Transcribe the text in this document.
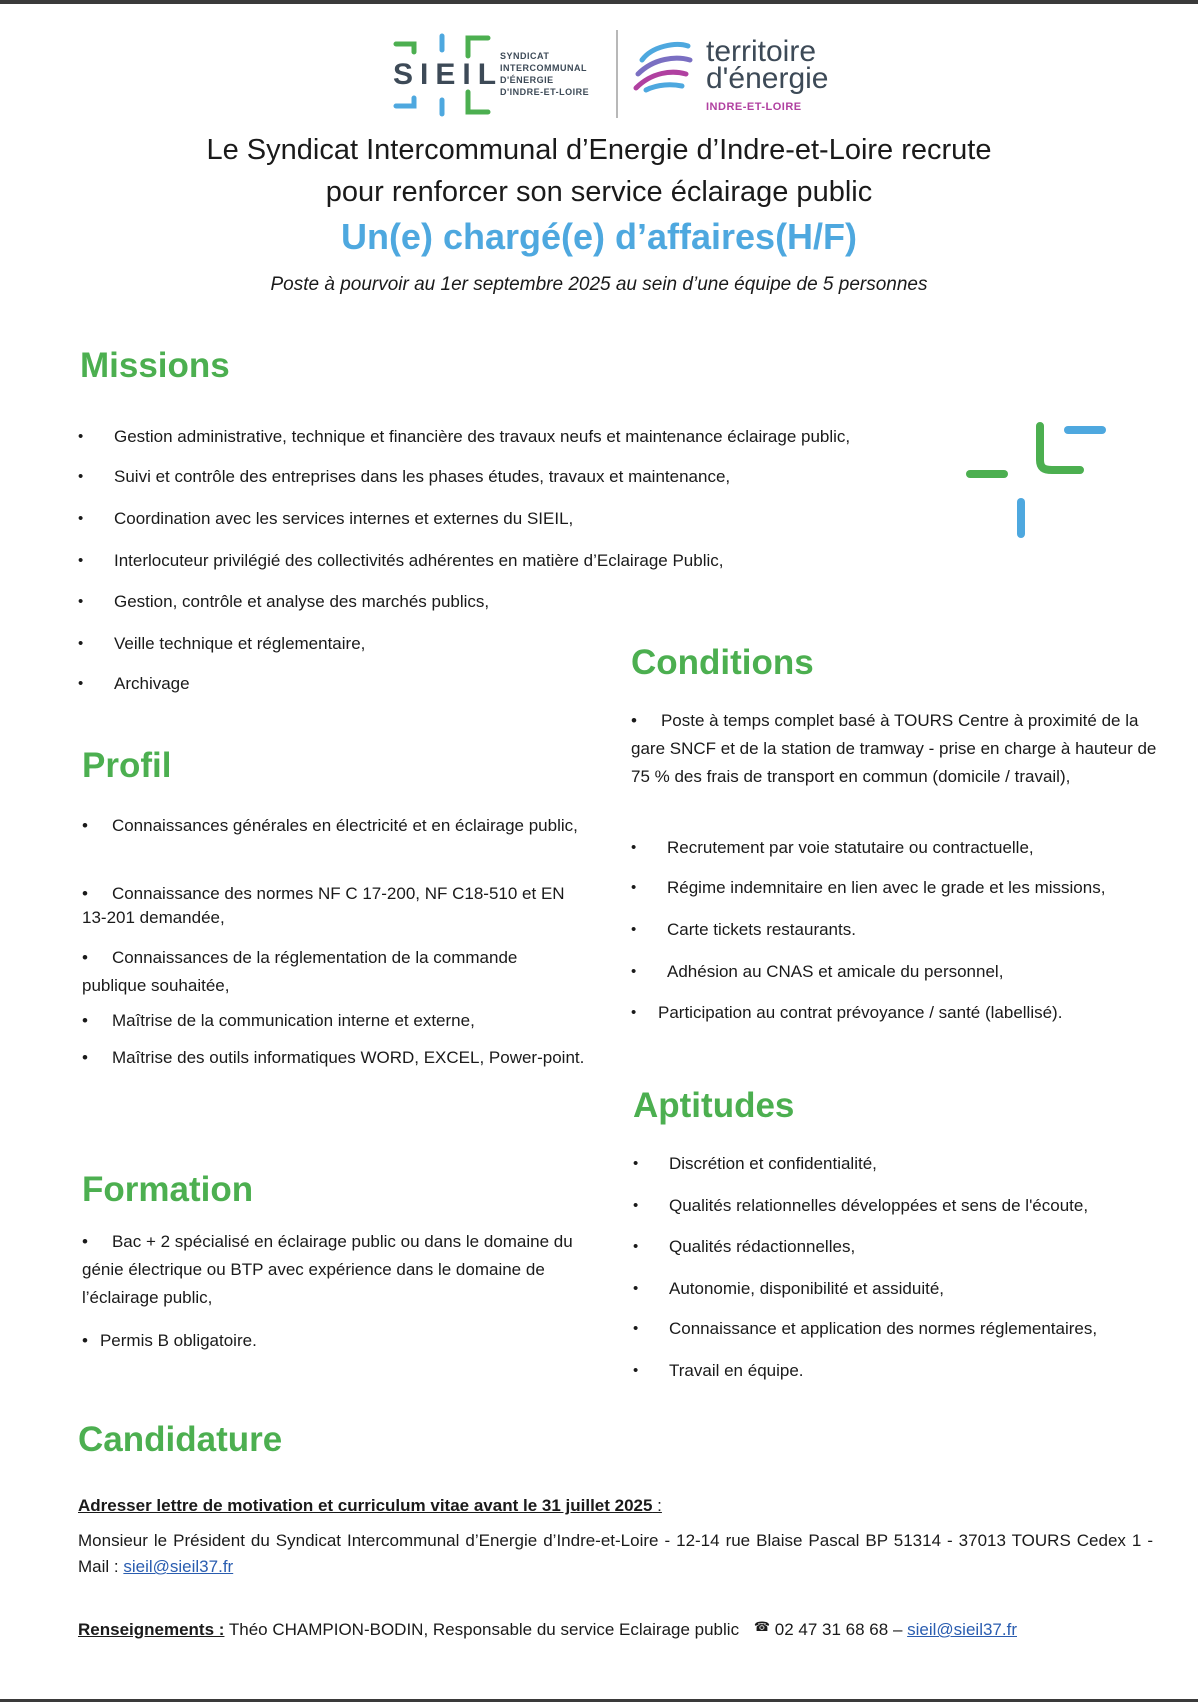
SIEIL
SYNDICAT
INTERCOMMUNAL
D'ÉNERGIE
D'INDRE-ET-LOIRE
territoire
d'énergie
INDRE-ET-LOIRE
Le Syndicat Intercommunal d’Energie d’Indre-et-Loire recrute
pour renforcer son service éclairage public
Un(e) chargé(e) d’affaires(H/F)
Poste à pourvoir au 1er septembre 2025 au sein d’une équipe de 5 personnes
Missions
• Gestion administrative, technique et financière des travaux neufs et maintenance éclairage public,
• Suivi et contrôle des entreprises dans les phases études, travaux et maintenance,
• Coordination avec les services internes et externes du SIEIL,
• Interlocuteur privilégié des collectivités adhérentes en matière d’Eclairage Public,
• Gestion, contrôle et analyse des marchés publics,
• Veille technique et réglementaire,
• Archivage
Profil
• Connaissances générales en électricité et en éclairage public,
• Connaissance des normes NF C 17-200, NF C18-510 et EN 13-201 demandée,
• Connaissances de la réglementation de la commande publique souhaitée,
• Maîtrise de la communication interne et externe,
• Maîtrise des outils informatiques WORD, EXCEL, Power-point.
Formation
• Bac + 2 spécialisé en éclairage public ou dans le domaine du génie électrique ou BTP avec expérience dans le domaine de l’éclairage public,
• Permis B obligatoire.
Conditions
• Poste à temps complet basé à TOURS Centre à proximité de la gare SNCF et de la station de tramway - prise en charge à hauteur de 75 % des frais de transport en commun (domicile / travail),
• Recrutement par voie statutaire ou contractuelle,
• Régime indemnitaire en lien avec le grade et les missions,
• Carte tickets restaurants.
• Adhésion au CNAS et amicale du personnel,
• Participation au contrat prévoyance / santé (labellisé).
Aptitudes
• Discrétion et confidentialité,
• Qualités relationnelles développées et sens de l'écoute,
• Qualités rédactionnelles,
• Autonomie, disponibilité et assiduité,
• Connaissance et application des normes réglementaires,
• Travail en équipe.
Candidature
Adresser lettre de motivation et curriculum vitae avant le 31 juillet 2025 :
Monsieur le Président du Syndicat Intercommunal d’Energie d’Indre-et-Loire - 12-14 rue Blaise Pascal BP 51314 - 37013 TOURS Cedex 1 - Mail : sieil@sieil37.fr
Renseignements : Théo CHAMPION-BODIN, Responsable du service Eclairage public ☎ 02 47 31 68 68 – sieil@sieil37.fr
